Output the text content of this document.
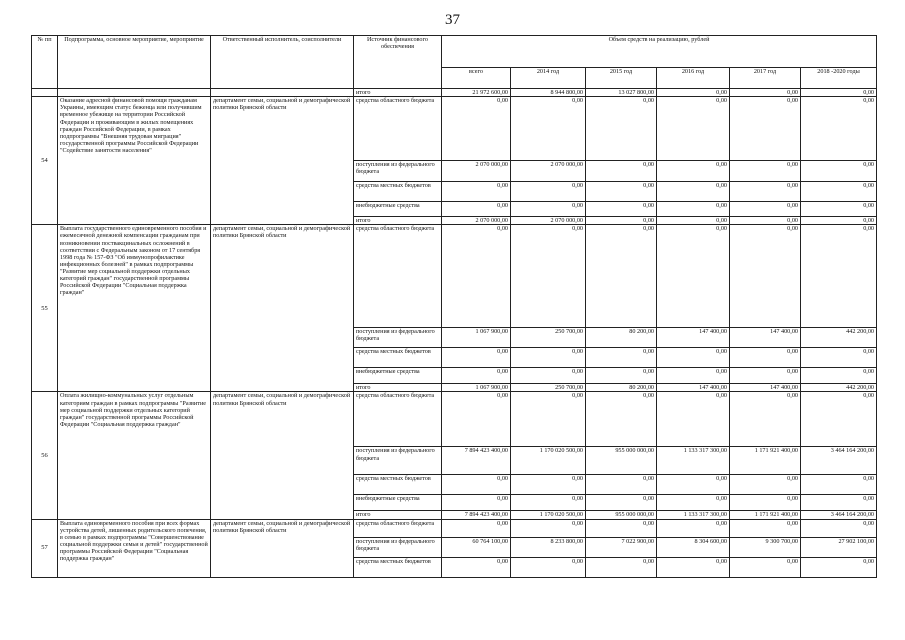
37
№ пп	Подпрограмма, основное мероприятие, мероприятие	Ответственный исполнитель, соисполнители	Источник финансового обеспечения	Объем средств на реализацию, рублей					
				всего	2014 год	2015 год	2016 год	2017 год	2018 -2020 годы
			итого	21 972 600,00	8 944 800,00	13 027 800,00	0,00	0,00	0,00
54	Оказание адресной финансовой помощи гражданам Украины, имеющим статус беженца или получившим временное убежище на территории Российской Федерации и проживающим в жилых помещениях граждан Российской Федерации, в рамках подпрограммы "Внешняя трудовая миграция" государственной программы Российской Федерации "Содействие занятости населения"	департамент семьи, социальной и демографической политики Брянской области	средства областного бюджета	0,00	0,00	0,00	0,00	0,00	0,00
			поступления из федерального бюджета	2 070 000,00	2 070 000,00	0,00	0,00	0,00	0,00
			средства местных бюджетов	0,00	0,00	0,00	0,00	0,00	0,00
			внебюджетные средства	0,00	0,00	0,00	0,00	0,00	0,00
			итого	2 070 000,00	2 070 000,00	0,00	0,00	0,00	0,00
55	Выплата государственного единовременного пособия и ежемесячной денежной компенсации гражданам при возникновении поствакцинальных осложнений в соответствии с Федеральным законом от 17 сентября 1998 года № 157-ФЗ "Об иммунопрофилактике инфекционных болезней" в рамках подпрограммы "Развитие мер социальной поддержки отдельных категорий граждан" государственной программы Российской Федерации "Социальная поддержка граждан"	департамент семьи, социальной и демографической политики Брянской области	средства областного бюджета	0,00	0,00	0,00	0,00	0,00	0,00
			поступления из федерального бюджета	1 067 900,00	250 700,00	80 200,00	147 400,00	147 400,00	442 200,00
			средства местных бюджетов	0,00	0,00	0,00	0,00	0,00	0,00
			внебюджетные средства	0,00	0,00	0,00	0,00	0,00	0,00
			итого	1 067 900,00	250 700,00	80 200,00	147 400,00	147 400,00	442 200,00
56	Оплата жилищно-коммунальных услуг отдельным категориям граждан в рамках подпрограммы "Развитие мер социальной поддержки отдельных категорий граждан" государственной программы Российской Федерации "Социальная поддержка граждан"	департамент семьи, социальной и демографической политики Брянской области	средства областного бюджета	0,00	0,00	0,00	0,00	0,00	0,00
			поступления из федерального бюджета	7 894 423 400,00	1 170 020 500,00	955 000 000,00	1 133 317 300,00	1 171 921 400,00	3 464 164 200,00
			средства местных бюджетов	0,00	0,00	0,00	0,00	0,00	0,00
			внебюджетные средства	0,00	0,00	0,00	0,00	0,00	0,00
			итого	7 894 423 400,00	1 170 020 500,00	955 000 000,00	1 133 317 300,00	1 171 921 400,00	3 464 164 200,00
57	Выплата единовременного пособия при всех формах устройства детей, лишенных родительского попечения, в семью в рамках подпрограммы "Совершенствование социальной поддержки семьи и детей" государственной программы Российской Федерации "Социальная поддержка граждан"	департамент семьи, социальной и демографической политики Брянской области	средства областного бюджета	0,00	0,00	0,00	0,00	0,00	0,00
			поступления из федерального бюджета	60 764 100,00	8 233 800,00	7 022 900,00	8 304 600,00	9 300 700,00	27 902 100,00
			средства местных бюджетов	0,00	0,00	0,00	0,00	0,00	0,00
